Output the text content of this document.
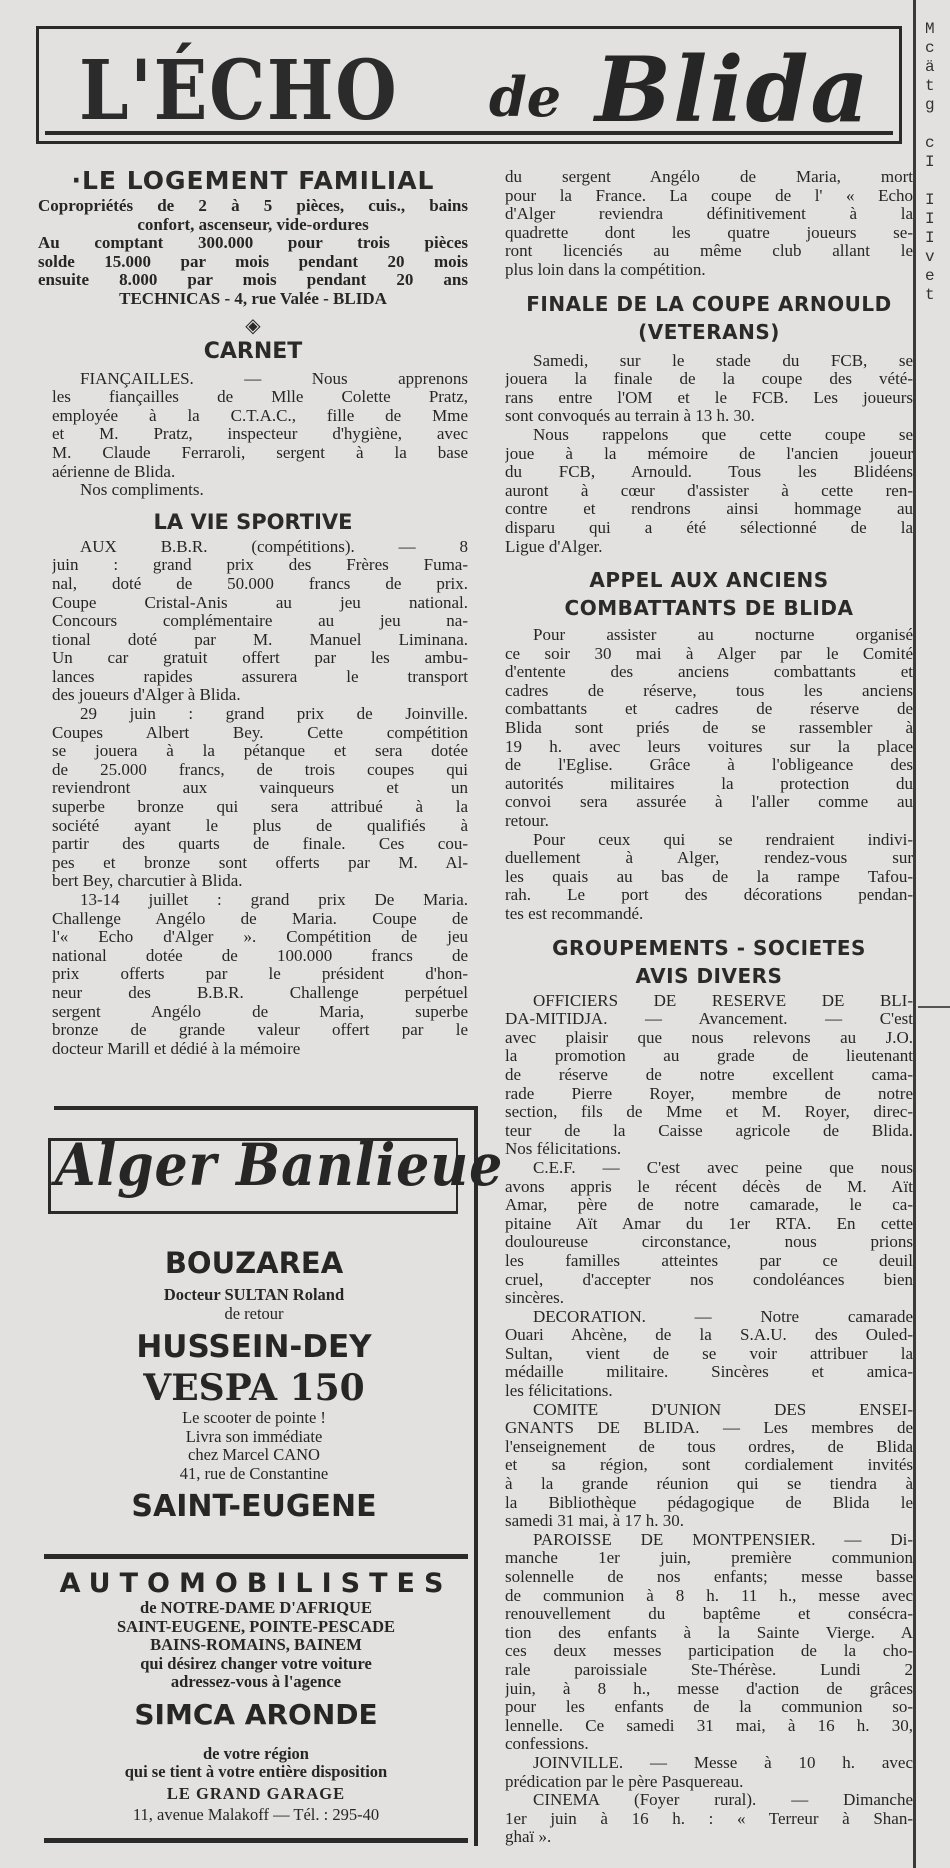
L'ÉCHO de Blida
·LE LOGEMENT FAMILIAL
Copropriétés de 2 à 5 pièces, cuis., bains
confort, ascenseur, vide-ordures
Au comptant 300.000 pour trois pièces
solde 15.000 par mois pendant 20 mois
ensuite 8.000 par mois pendant 20 ans
TECHNICAS - 4, rue Valée - BLIDA
◈
CARNET
FIANÇAILLES. — Nous apprenons
les fiançailles de Mlle Colette Pratz,
employée à la C.T.A.C., fille de Mme
et M. Pratz, inspecteur d'hygiène, avec
M. Claude Ferraroli, sergent à la base
aérienne de Blida.
Nos compliments.
LA VIE SPORTIVE
AUX B.B.R. (compétitions). — 8
juin : grand prix des Frères Fuma-
nal, doté de 50.000 francs de prix.
Coupe Cristal-Anis au jeu national.
Concours complémentaire au jeu na-
tional doté par M. Manuel Liminana.
Un car gratuit offert par les ambu-
lances rapides assurera le transport
des joueurs d'Alger à Blida.
29 juin : grand prix de Joinville.
Coupes Albert Bey. Cette compétition
se jouera à la pétanque et sera dotée
de 25.000 francs, de trois coupes qui
reviendront aux vainqueurs et un
superbe bronze qui sera attribué à la
société ayant le plus de qualifiés à
partir des quarts de finale. Ces cou-
pes et bronze sont offerts par M. Al-
bert Bey, charcutier à Blida.
13-14 juillet : grand prix De Maria.
Challenge Angélo de Maria. Coupe de
l'« Echo d'Alger ». Compétition de jeu
national dotée de 100.000 francs de
prix offerts par le président d'hon-
neur des B.B.R. Challenge perpétuel
sergent Angélo de Maria, superbe
bronze de grande valeur offert par le
docteur Marill et dédié à la mémoire
Alger Banlieue
BOUZAREA
Docteur SULTAN Roland
de retour
HUSSEIN-DEY
VESPA 150
Le scooter de pointe !
Livra son immédiate
chez Marcel CANO
41, rue de Constantine
SAINT-EUGENE
AUTOMOBILISTES
de NOTRE-DAME D'AFRIQUE
SAINT-EUGENE, POINTE-PESCADE
BAINS-ROMAINS, BAINEM
qui désirez changer votre voiture
adressez-vous à l'agence
SIMCA ARONDE
de votre région
qui se tient à votre entière disposition
LE GRAND GARAGE
11, avenue Malakoff — Tél. : 295-40
du sergent Angélo de Maria, mort
pour la France. La coupe de l' « Echo
d'Alger reviendra définitivement à la
quadrette dont les quatre joueurs se-
ront licenciés au même club allant le
plus loin dans la compétition.
FINALE DE LA COUPE ARNOULD
(VETERANS)
Samedi, sur le stade du FCB, se
jouera la finale de la coupe des vété-
rans entre l'OM et le FCB. Les joueurs
sont convoqués au terrain à 13 h. 30.
Nous rappelons que cette coupe se
joue à la mémoire de l'ancien joueur
du FCB, Arnould. Tous les Blidéens
auront à cœur d'assister à cette ren-
contre et rendrons ainsi hommage au
disparu qui a été sélectionné de la
Ligue d'Alger.
APPEL AUX ANCIENS
COMBATTANTS DE BLIDA
Pour assister au nocturne organisé
ce soir 30 mai à Alger par le Comité
d'entente des anciens combattants et
cadres de réserve, tous les anciens
combattants et cadres de réserve de
Blida sont priés de se rassembler à
19 h. avec leurs voitures sur la place
de l'Eglise. Grâce à l'obligeance des
autorités militaires la protection du
convoi sera assurée à l'aller comme au
retour.
Pour ceux qui se rendraient indivi-
duellement à Alger, rendez-vous sur
les quais au bas de la rampe Tafou-
rah. Le port des décorations pendan-
tes est recommandé.
GROUPEMENTS - SOCIETES
AVIS DIVERS
OFFICIERS DE RESERVE DE BLI-
DA-MITIDJA. — Avancement. — C'est
avec plaisir que nous relevons au J.O.
la promotion au grade de lieutenant
de réserve de notre excellent cama-
rade Pierre Royer, membre de notre
section, fils de Mme et M. Royer, direc-
teur de la Caisse agricole de Blida.
Nos félicitations.
C.E.F. — C'est avec peine que nous
avons appris le récent décès de M. Aït
Amar, père de notre camarade, le ca-
pitaine Aït Amar du 1er RTA. En cette
douloureuse circonstance, nous prions
les familles atteintes par ce deuil
cruel, d'accepter nos condoléances bien
sincères.
DECORATION. — Notre camarade
Ouari Ahcène, de la S.A.U. des Ouled-
Sultan, vient de se voir attribuer la
médaille militaire. Sincères et amica-
les félicitations.
COMITE D'UNION DES ENSEI-
GNANTS DE BLIDA. — Les membres de
l'enseignement de tous ordres, de Blida
et sa région, sont cordialement invités
à la grande réunion qui se tiendra à
la Bibliothèque pédagogique de Blida le
samedi 31 mai, à 17 h. 30.
PAROISSE DE MONTPENSIER. — Di-
manche 1er juin, première communion
solennelle de nos enfants; messe basse
de communion à 8 h. 11 h., messe avec
renouvellement du baptême et consécra-
tion des enfants à la Sainte Vierge. A
ces deux messes participation de la cho-
rale paroissiale Ste-Thérèse. Lundi 2
juin, à 8 h., messe d'action de grâces
pour les enfants de la communion so-
lennelle. Ce samedi 31 mai, à 16 h. 30,
confessions.
JOINVILLE. — Messe à 10 h. avec
prédication par le père Pasquereau.
CINEMA (Foyer rural). — Dimanche
1er juin à 16 h. : « Terreur à Shan-
ghaï ».
M
c
ä
t
g

c
I

I
I
I
v
e
t
